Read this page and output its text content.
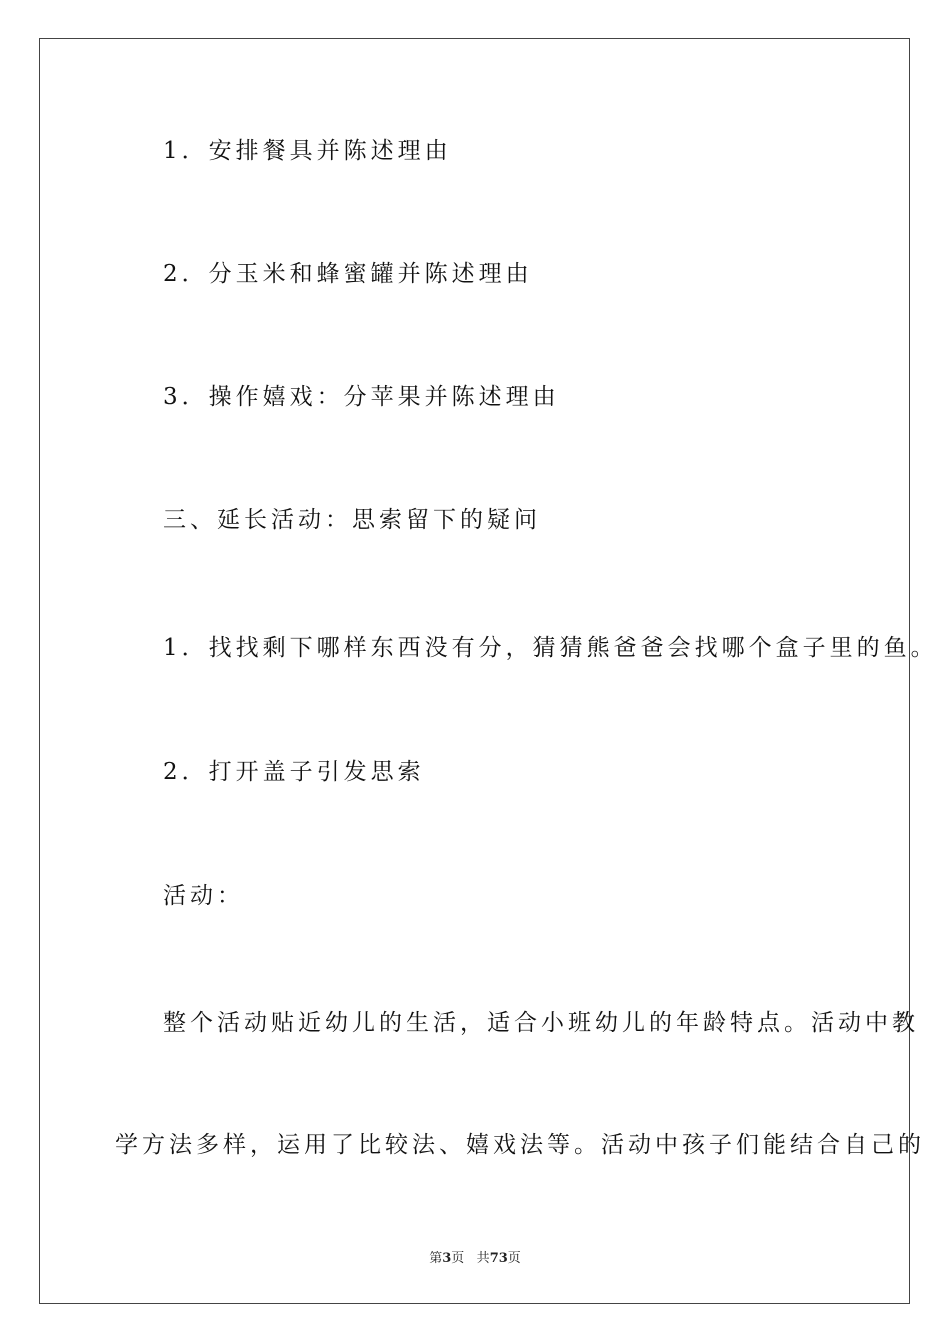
1．安排餐具并陈述理由

2．分玉米和蜂蜜罐并陈述理由

3．操作嬉戏：分苹果并陈述理由

三、延长活动：思索留下的疑问

1．找找剩下哪样东西没有分，猜猜熊爸爸会找哪个盒子里的鱼。

2．打开盖子引发思索

活动：

整个活动贴近幼儿的生活，适合小班幼儿的年龄特点。活动中教

学方法多样，运用了比较法、嬉戏法等。活动中孩子们能结合自己的

第3页 共73页
